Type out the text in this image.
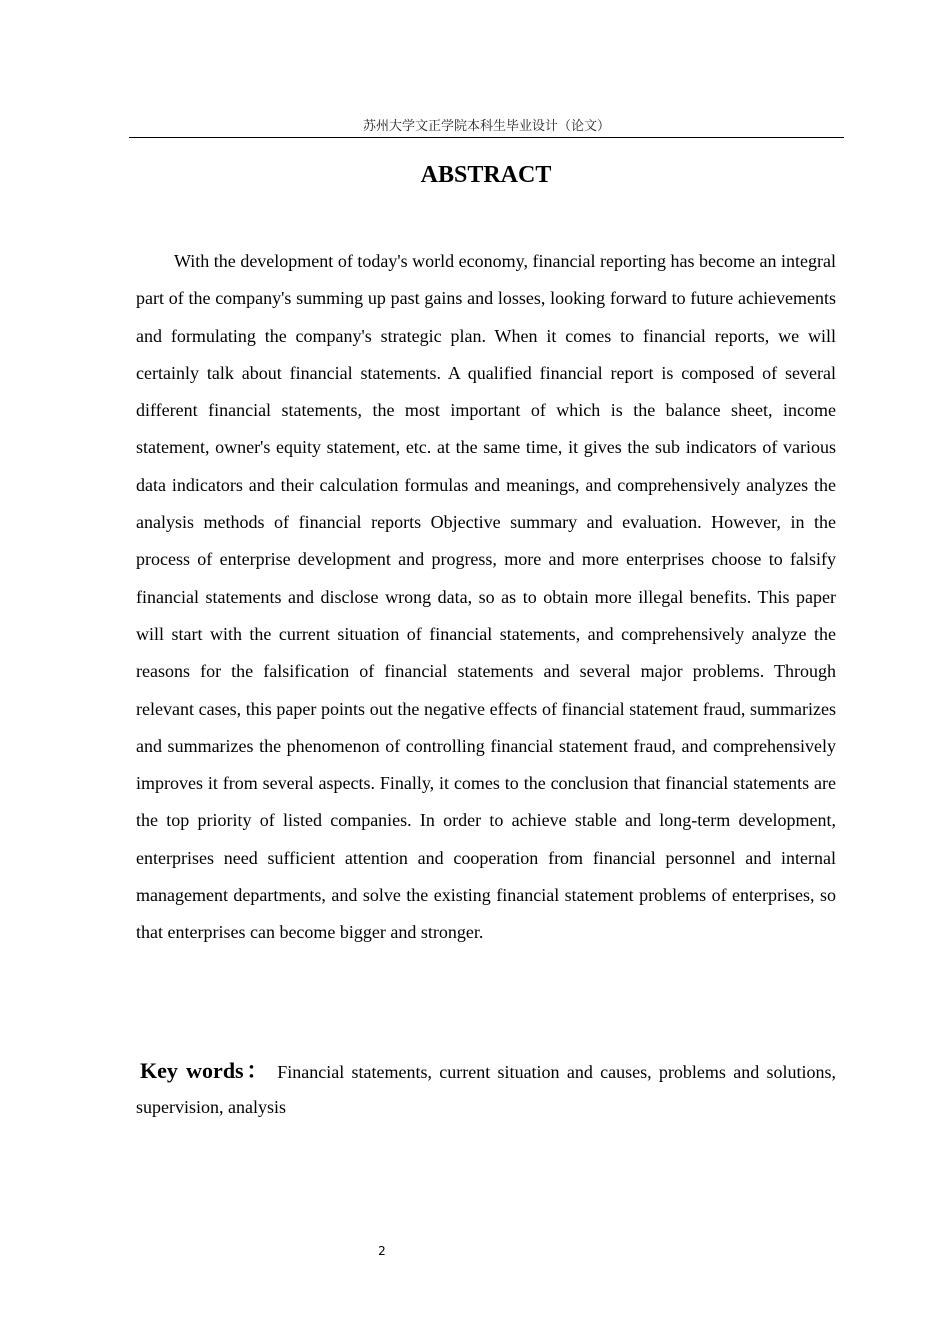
苏州大学文正学院本科生毕业设计（论文）
ABSTRACT

With the development of today's world economy, financial reporting has become an integral part of the company's summing up past gains and losses, looking forward to future achievements and formulating the company's strategic plan. When it comes to financial reports, we will certainly talk about financial statements. A qualified financial report is composed of several different financial statements, the most important of which is the balance sheet, income statement, owner's equity statement, etc. at the same time, it gives the sub indicators of various data indicators and their calculation formulas and meanings, and comprehensively analyzes the analysis methods of financial reports Objective summary and evaluation. However, in the process of enterprise development and progress, more and more enterprises choose to falsify financial statements and disclose wrong data, so as to obtain more illegal benefits. This paper will start with the current situation of financial statements, and comprehensively analyze the reasons for the falsification of financial statements and several major problems. Through relevant cases, this paper points out the negative effects of financial statement fraud, summarizes and summarizes the phenomenon of controlling financial statement fraud, and comprehensively improves it from several aspects. Finally, it comes to the conclusion that financial statements are the top priority of listed companies. In order to achieve stable and long-term development, enterprises need sufficient attention and cooperation from financial personnel and internal management departments, and solve the existing financial statement problems of enterprises, so that enterprises can become bigger and stronger.

Key words： Financial statements, current situation and causes, problems and solutions, supervision, analysis

2
